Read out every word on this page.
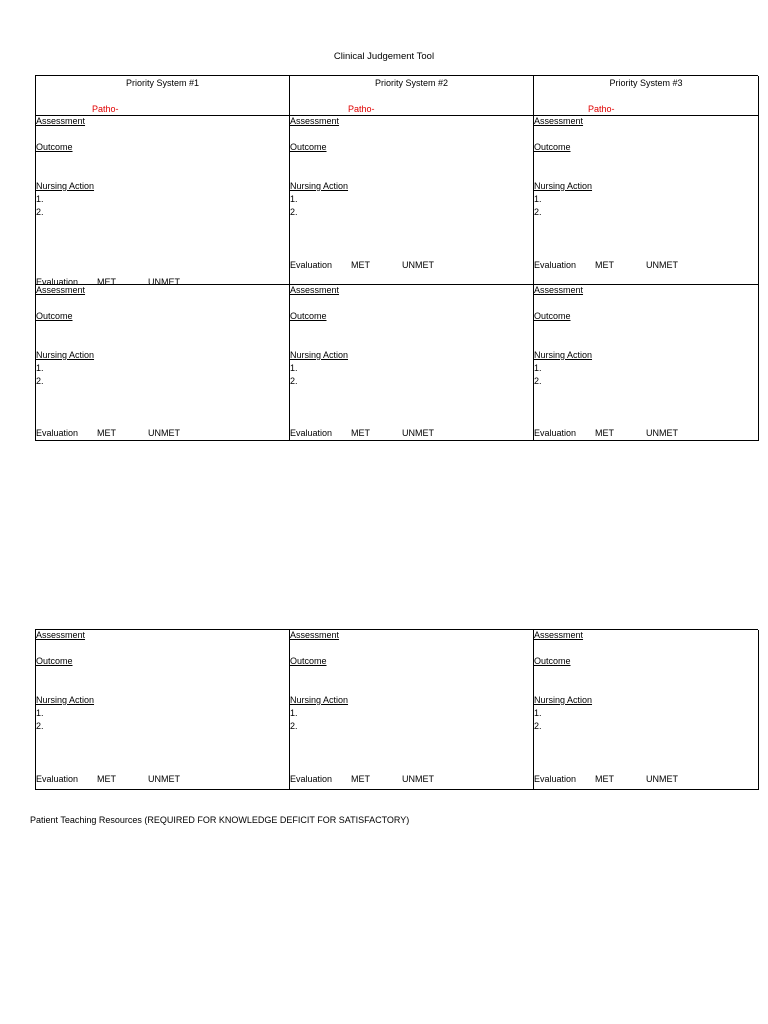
Clinical Judgement Tool
Priority System #1
Patho-
Priority System #2
Patho-
Priority System #3
Patho-
Assessment
Outcome
Nursing Action
1.
2.
Evaluation MET	UNMET
Assessment
Outcome
Nursing Action
1.
2.
Evaluation MET	UNMET
Assessment
Outcome
Nursing Action
1.
2.
Evaluation MET	UNMET
Assessment
Outcome
Nursing Action
1.
2.
Evaluation MET	UNMET
Assessment
Outcome
Nursing Action
1.
2.
Evaluation MET	UNMET
Assessment
Outcome
Nursing Action
1.
2.
Evaluation MET	UNMET
Assessment
Outcome
Nursing Action
1.
2.
Evaluation MET	UNMET
Assessment
Outcome
Nursing Action
1.
2.
Evaluation MET	UNMET
Assessment
Outcome
Nursing Action
1.
2.
Evaluation MET	UNMET
Patient Teaching Resources (REQUIRED FOR KNOWLEDGE DEFICIT FOR SATISFACTORY)
